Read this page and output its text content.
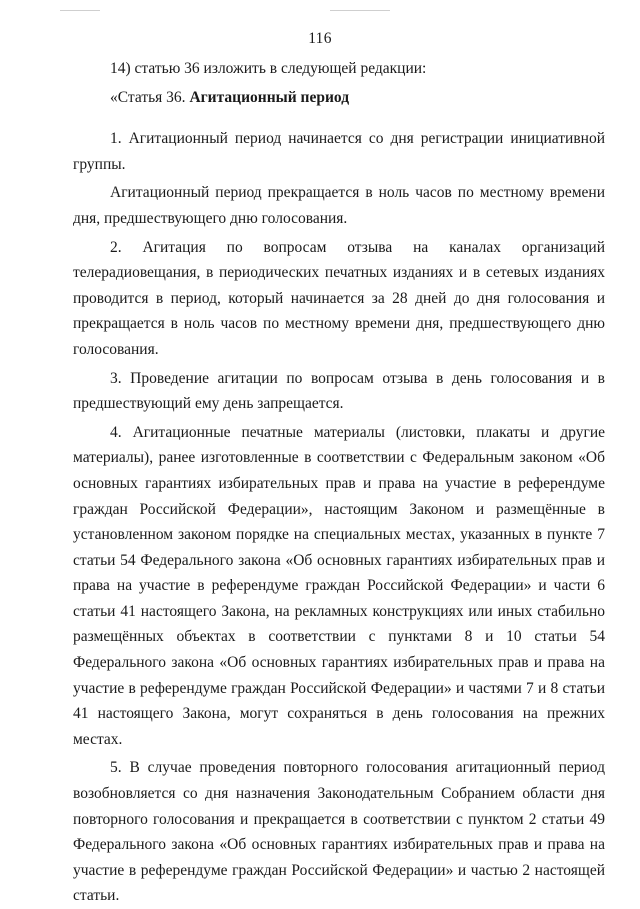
116

14) статью 36 изложить в следующей редакции:

«Статья 36. Агитационный период

1. Агитационный период начинается со дня регистрации инициативной группы.

Агитационный период прекращается в ноль часов по местному времени дня, предшествующего дню голосования.

2. Агитация по вопросам отзыва на каналах организаций телерадиовещания, в периодических печатных изданиях и в сетевых изданиях проводится в период, который начинается за 28 дней до дня голосования и прекращается в ноль часов по местному времени дня, предшествующего дню голосования.

3. Проведение агитации по вопросам отзыва в день голосования и в предшествующий ему день запрещается.

4. Агитационные печатные материалы (листовки, плакаты и другие материалы), ранее изготовленные в соответствии с Федеральным законом «Об основных гарантиях избирательных прав и права на участие в референдуме граждан Российской Федерации», настоящим Законом и размещённые в установленном законом порядке на специальных местах, указанных в пункте 7 статьи 54 Федерального закона «Об основных гарантиях избирательных прав и права на участие в референдуме граждан Российской Федерации» и части 6 статьи 41 настоящего Закона, на рекламных конструкциях или иных стабильно размещённых объектах в соответствии с пунктами 8 и 10 статьи 54 Федерального закона «Об основных гарантиях избирательных прав и права на участие в референдуме граждан Российской Федерации» и частями 7 и 8 статьи 41 настоящего Закона, могут сохраняться в день голосования на прежних местах.

5. В случае проведения повторного голосования агитационный период возобновляется со дня назначения Законодательным Собранием области дня повторного голосования и прекращается в соответствии с пунктом 2 статьи 49 Федерального закона «Об основных гарантиях избирательных прав и права на участие в референдуме граждан Российской Федерации» и частью 2 настоящей статьи.
